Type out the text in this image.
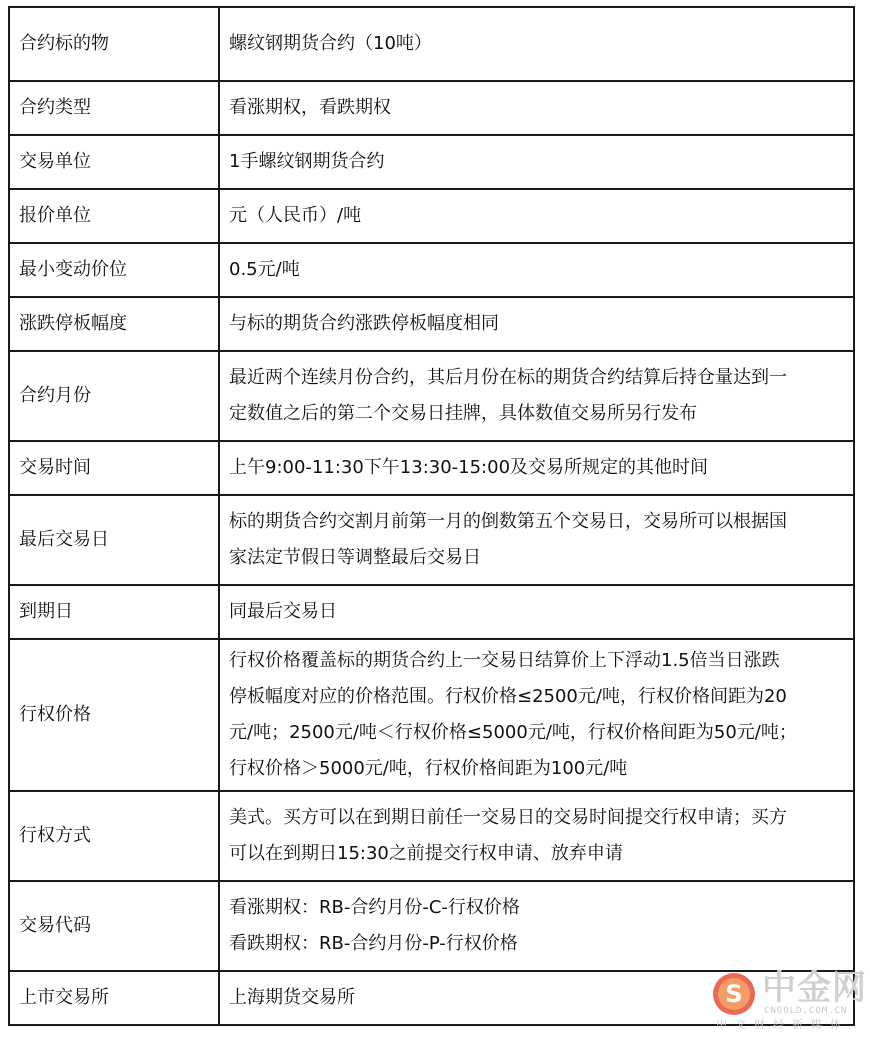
合约标的物	螺纹钢期货合约（10吨）

合约类型	看涨期权，看跌期权

交易单位	1手螺纹钢期货合约

报价单位	元（人民币）/吨

最小变动价位	0.5元/吨

涨跌停板幅度	与标的期货合约涨跌停板幅度相同

合约月份	最近两个连续月份合约，其后月份在标的期货合约结算后持仓量达到一
定数值之后的第二个交易日挂牌，具体数值交易所另行发布

交易时间	上午9:00-11:30下午13:30-15:00及交易所规定的其他时间

最后交易日	标的期货合约交割月前第一月的倒数第五个交易日，交易所可以根据国
家法定节假日等调整最后交易日

到期日	同最后交易日

行权价格	行权价格覆盖标的期货合约上一交易日结算价上下浮动1.5倍当日涨跌
停板幅度对应的价格范围。行权价格≤2500元/吨，行权价格间距为20
元/吨；2500元/吨＜行权价格≤5000元/吨，行权价格间距为50元/吨；
行权价格＞5000元/吨，行权价格间距为100元/吨

行权方式	美式。买方可以在到期日前任一交易日的交易时间提交行权申请；买方
可以在到期日15:30之前提交行权申请、放弃申请

交易代码	看涨期权：RB-合约月份-C-行权价格
看跌期权：RB-合约月份-P-行权价格

上市交易所	上海期货交易所	S 中金网
CNGOLD.COM.CN
中文财经新媒体
